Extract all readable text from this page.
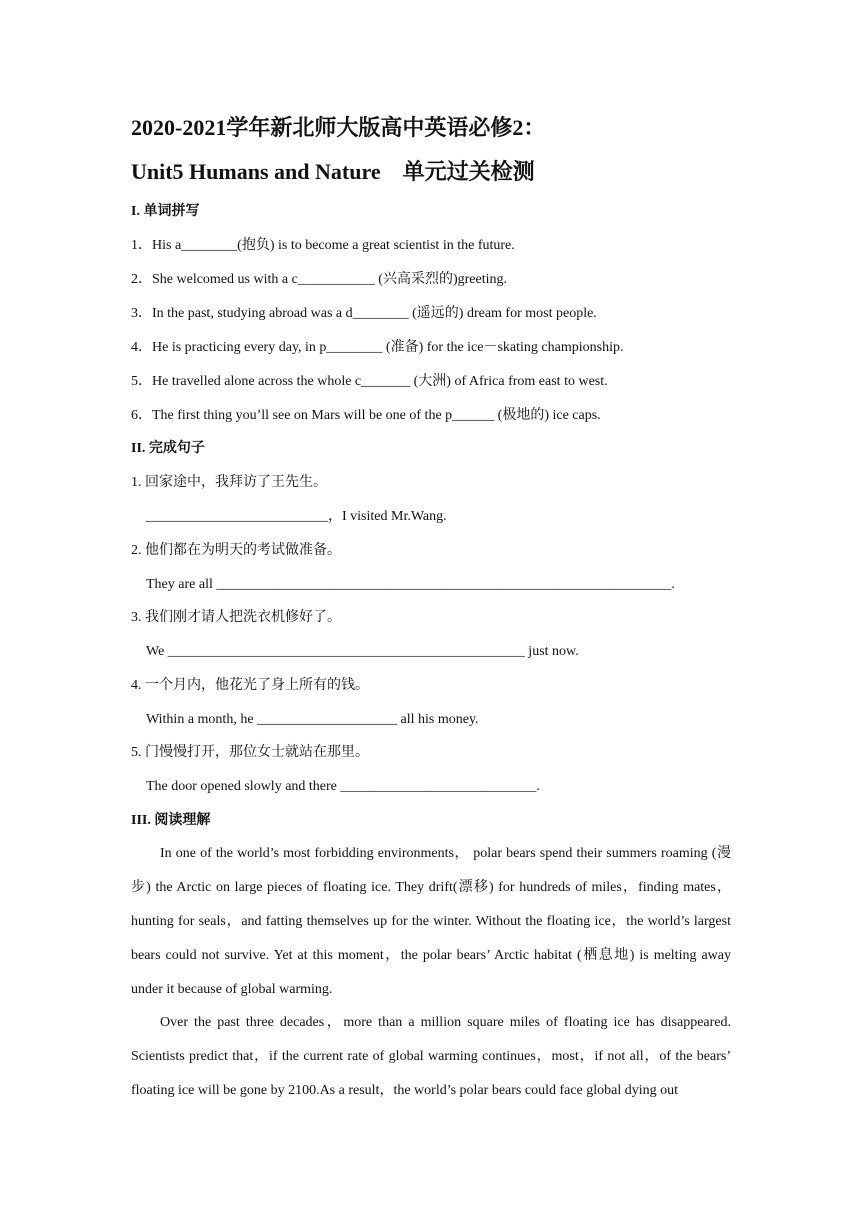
2020-2021学年新北师大版高中英语必修2：
Unit5 Humans and Nature　单元过关检测
I. 单词拼写
1．His a________(抱负) is to become a great scientist in the future.
2．She welcomed us with a c___________ (兴高采烈的)greeting.
3．In the past, studying abroad was a d________ (遥远的) dream for most people.
4．He is practicing every day, in p________ (准备) for the ice－skating championship.
5．He travelled alone across the whole c_______ (大洲) of Africa from east to west.
6．The first thing you’ll see on Mars will be one of the p______ (极地的) ice caps.
II. 完成句子
1. 回家途中，我拜访了王先生。
__________________________，I visited Mr.Wang.
2. 他们都在为明天的考试做准备。
They are all _________________________________________________________________.
3. 我们刚才请人把洗衣机修好了。
We ___________________________________________________ just now.
4. 一个月内，他花光了身上所有的钱。
Within a month, he ____________________ all his money.
5. 门慢慢打开，那位女士就站在那里。
The door opened slowly and there ____________________________.
III. 阅读理解
In one of the world’s most forbidding environments， polar bears spend their summers roaming (漫步) the Arctic on large pieces of floating ice. They drift(漂移) for hundreds of miles，finding mates，hunting for seals，and fatting themselves up for the winter. Without the floating ice，the world’s largest bears could not survive. Yet at this moment，the polar bears’ Arctic habitat (栖息地) is melting away under it because of global warming.
Over the past three decades，more than a million square miles of floating ice has disappeared. Scientists predict that，if the current rate of global warming continues，most，if not all，of the bears’ floating ice will be gone by 2100.As a result，the world’s polar bears could face global dying out
